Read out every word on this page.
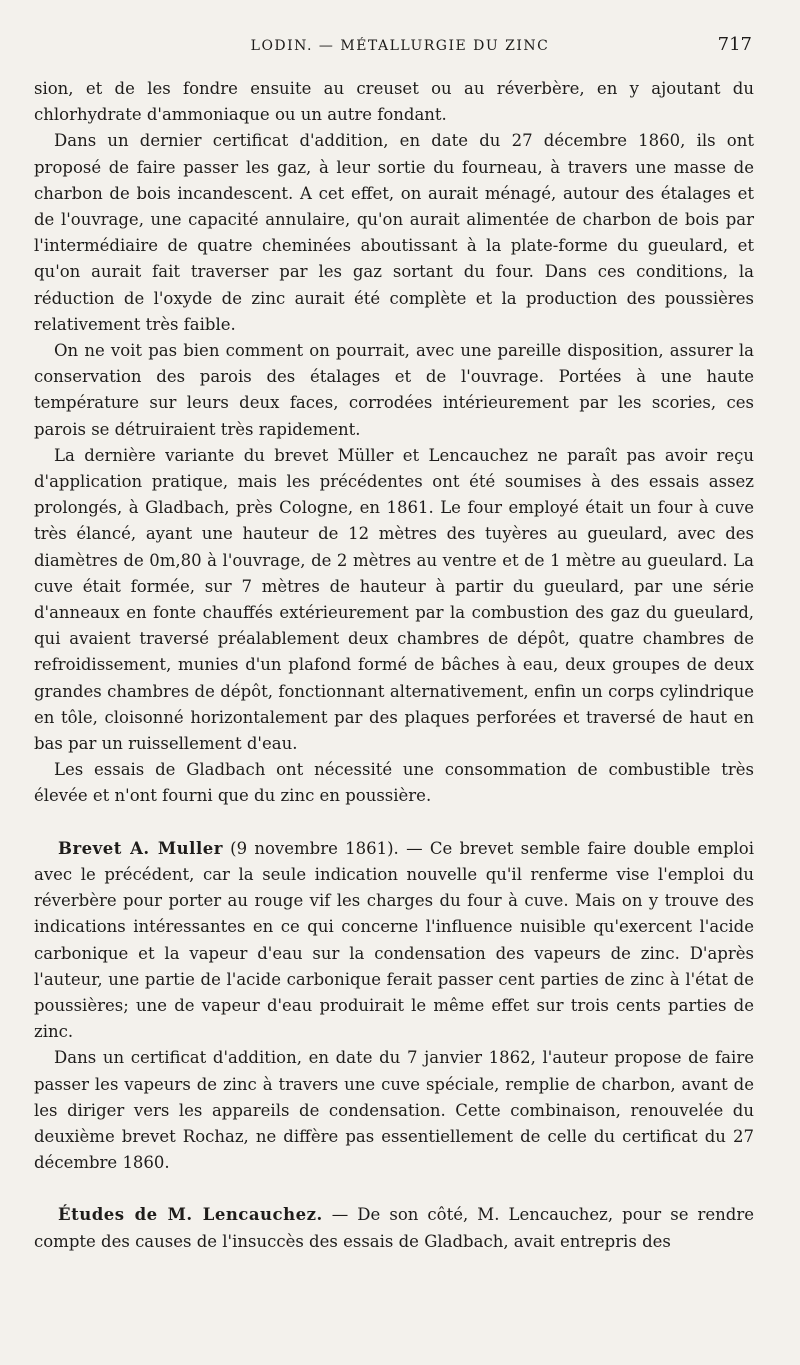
LODIN. — MÉTALLURGIE DU ZINC	717

sion, et de les fondre ensuite au creuset ou au réverbère, en y ajoutant du chlorhydrate d'ammoniaque ou un autre fondant.

Dans un dernier certificat d'addition, en date du 27 décembre 1860, ils ont proposé de faire passer les gaz, à leur sortie du fourneau, à travers une masse de charbon de bois incandescent. A cet effet, on aurait ménagé, autour des étalages et de l'ouvrage, une capacité annulaire, qu'on aurait alimentée de charbon de bois par l'intermédiaire de quatre cheminées aboutissant à la plate-forme du gueulard, et qu'on aurait fait traverser par les gaz sortant du four. Dans ces conditions, la réduction de l'oxyde de zinc aurait été complète et la production des poussières relativement très faible.

On ne voit pas bien comment on pourrait, avec une pareille disposition, assurer la conservation des parois des étalages et de l'ouvrage. Portées à une haute température sur leurs deux faces, corrodées intérieurement par les scories, ces parois se détruiraient très rapidement.

La dernière variante du brevet Müller et Lencauchez ne paraît pas avoir reçu d'application pratique, mais les précédentes ont été soumises à des essais assez prolongés, à Gladbach, près Cologne, en 1861. Le four employé était un four à cuve très élancé, ayant une hauteur de 12 mètres des tuyères au gueulard, avec des diamètres de 0m,80 à l'ouvrage, de 2 mètres au ventre et de 1 mètre au gueulard. La cuve était formée, sur 7 mètres de hauteur à partir du gueulard, par une série d'anneaux en fonte chauffés extérieurement par la combustion des gaz du gueulard, qui avaient traversé préalablement deux chambres de dépôt, quatre chambres de refroidissement, munies d'un plafond formé de bâches à eau, deux groupes de deux grandes chambres de dépôt, fonctionnant alternativement, enfin un corps cylindrique en tôle, cloisonné horizontalement par des plaques perforées et traversé de haut en bas par un ruissellement d'eau.

Les essais de Gladbach ont nécessité une consommation de combustible très élevée et n'ont fourni que du zinc en poussière.

Brevet A. Muller (9 novembre 1861). — Ce brevet semble faire double emploi avec le précédent, car la seule indication nouvelle qu'il renferme vise l'emploi du réverbère pour porter au rouge vif les charges du four à cuve. Mais on y trouve des indications intéressantes en ce qui concerne l'influence nuisible qu'exercent l'acide carbonique et la vapeur d'eau sur la condensation des vapeurs de zinc. D'après l'auteur, une partie de l'acide carbonique ferait passer cent parties de zinc à l'état de poussières; une de vapeur d'eau produirait le même effet sur trois cents parties de zinc.

Dans un certificat d'addition, en date du 7 janvier 1862, l'auteur propose de faire passer les vapeurs de zinc à travers une cuve spéciale, remplie de charbon, avant de les diriger vers les appareils de condensation. Cette combinaison, renouvelée du deuxième brevet Rochaz, ne diffère pas essentiellement de celle du certificat du 27 décembre 1860.

Études de M. Lencauchez. — De son côté, M. Lencauchez, pour se rendre compte des causes de l'insuccès des essais de Gladbach, avait entrepris des
